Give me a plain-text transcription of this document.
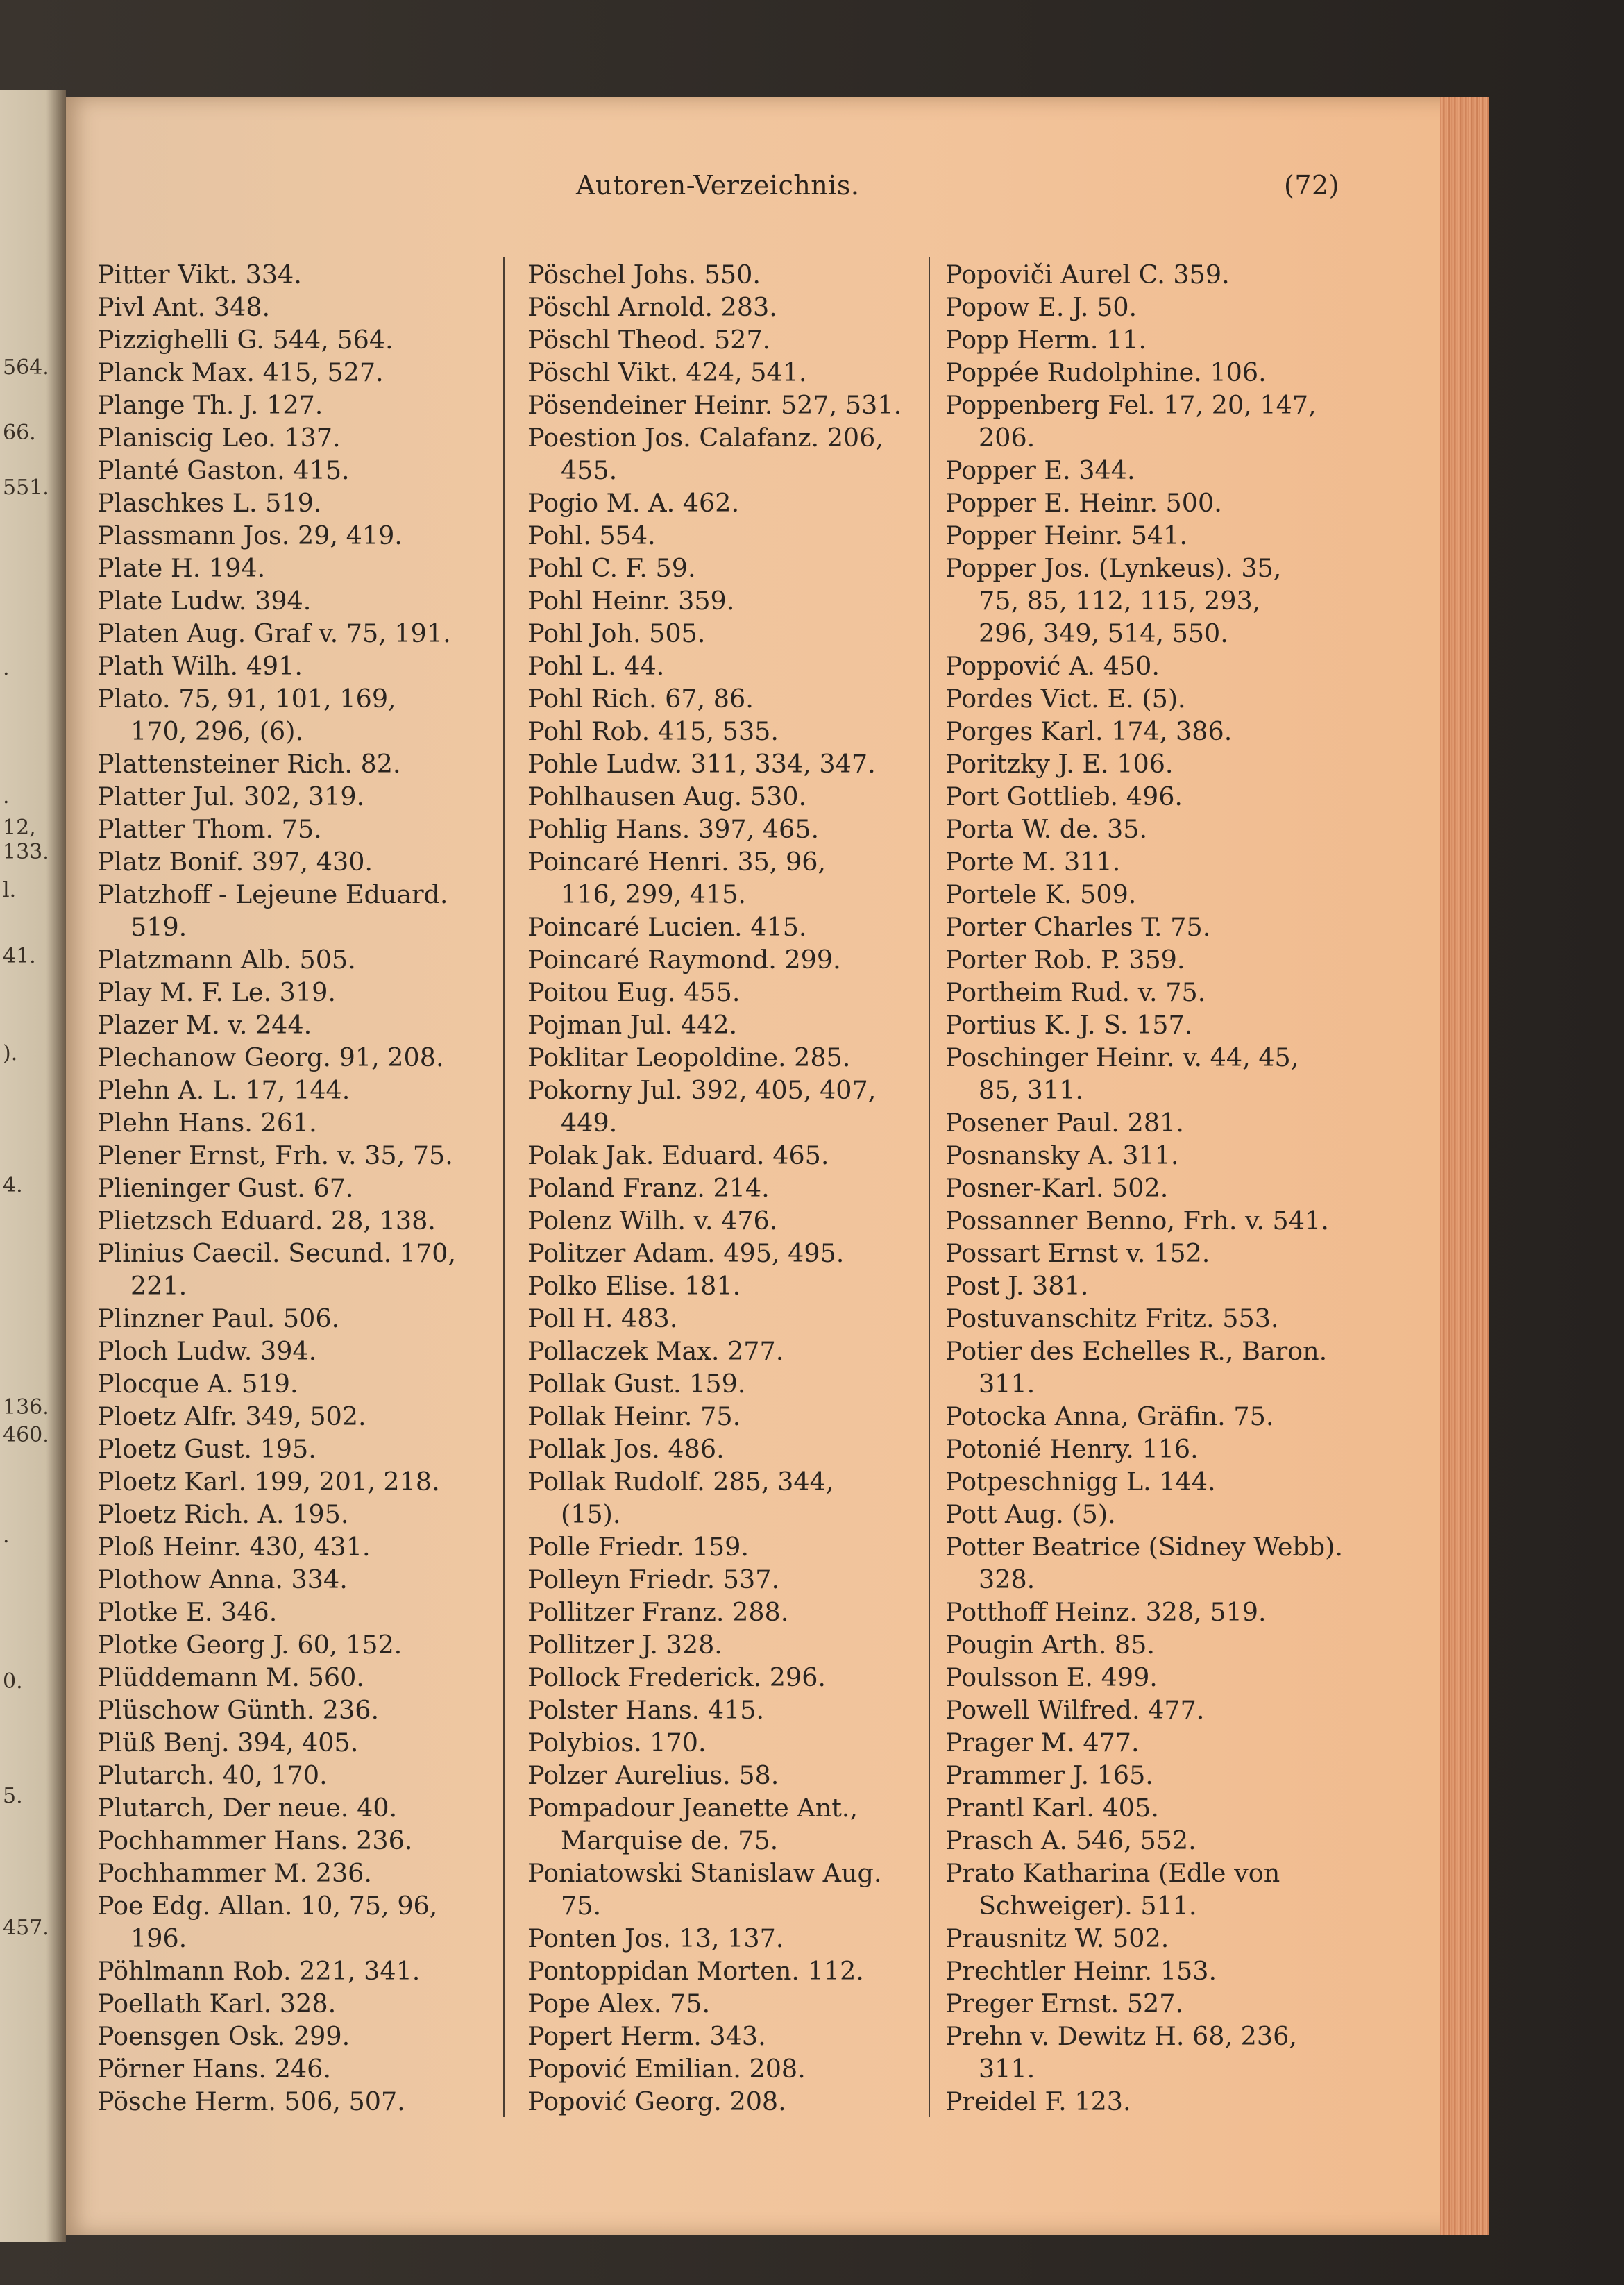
564.
66.
551.
.
.
12, 133.
l.
41.
).
4.
136.
460.
.
0.
5.
457.
Autoren-Verzeichnis.	(72)
Pitter Vikt. 334.
Pivl Ant. 348.
Pizzighelli G. 544, 564.
Planck Max. 415, 527.
Plange Th. J. 127.
Planiscig Leo. 137.
Planté Gaston. 415.
Plaschkes L. 519.
Plassmann Jos. 29, 419.
Plate H. 194.
Plate Ludw. 394.
Platen Aug. Graf v. 75, 191.
Plath Wilh. 491.
Plato. 75, 91, 101, 169,
170, 296, (6).
Plattensteiner Rich. 82.
Platter Jul. 302, 319.
Platter Thom. 75.
Platz Bonif. 397, 430.
Platzhoff - Lejeune Eduard.
519.
Platzmann Alb. 505.
Play M. F. Le. 319.
Plazer M. v. 244.
Plechanow Georg. 91, 208.
Plehn A. L. 17, 144.
Plehn Hans. 261.
Plener Ernst, Frh. v. 35, 75.
Plieninger Gust. 67.
Plietzsch Eduard. 28, 138.
Plinius Caecil. Secund. 170,
221.
Plinzner Paul. 506.
Ploch Ludw. 394.
Plocque A. 519.
Ploetz Alfr. 349, 502.
Ploetz Gust. 195.
Ploetz Karl. 199, 201, 218.
Ploetz Rich. A. 195.
Ploß Heinr. 430, 431.
Plothow Anna. 334.
Plotke E. 346.
Plotke Georg J. 60, 152.
Plüddemann M. 560.
Plüschow Günth. 236.
Plüß Benj. 394, 405.
Plutarch. 40, 170.
Plutarch, Der neue. 40.
Pochhammer Hans. 236.
Pochhammer M. 236.
Poe Edg. Allan. 10, 75, 96,
196.
Pöhlmann Rob. 221, 341.
Poellath Karl. 328.
Poensgen Osk. 299.
Pörner Hans. 246.
Pösche Herm. 506, 507.
Pöschel Johs. 550.
Pöschl Arnold. 283.
Pöschl Theod. 527.
Pöschl Vikt. 424, 541.
Pösendeiner Heinr. 527, 531.
Poestion Jos. Calafanz. 206,
455.
Pogio M. A. 462.
Pohl. 554.
Pohl C. F. 59.
Pohl Heinr. 359.
Pohl Joh. 505.
Pohl L. 44.
Pohl Rich. 67, 86.
Pohl Rob. 415, 535.
Pohle Ludw. 311, 334, 347.
Pohlhausen Aug. 530.
Pohlig Hans. 397, 465.
Poincaré Henri. 35, 96,
116, 299, 415.
Poincaré Lucien. 415.
Poincaré Raymond. 299.
Poitou Eug. 455.
Pojman Jul. 442.
Poklitar Leopoldine. 285.
Pokorny Jul. 392, 405, 407,
449.
Polak Jak. Eduard. 465.
Poland Franz. 214.
Polenz Wilh. v. 476.
Politzer Adam. 495, 495.
Polko Elise. 181.
Poll H. 483.
Pollaczek Max. 277.
Pollak Gust. 159.
Pollak Heinr. 75.
Pollak Jos. 486.
Pollak Rudolf. 285, 344,
(15).
Polle Friedr. 159.
Polleyn Friedr. 537.
Pollitzer Franz. 288.
Pollitzer J. 328.
Pollock Frederick. 296.
Polster Hans. 415.
Polybios. 170.
Polzer Aurelius. 58.
Pompadour Jeanette Ant.,
Marquise de. 75.
Poniatowski Stanislaw Aug.
75.
Ponten Jos. 13, 137.
Pontoppidan Morten. 112.
Pope Alex. 75.
Popert Herm. 343.
Popović Emilian. 208.
Popović Georg. 208.
Popoviči Aurel C. 359.
Popow E. J. 50.
Popp Herm. 11.
Poppée Rudolphine. 106.
Poppenberg Fel. 17, 20, 147,
206.
Popper E. 344.
Popper E. Heinr. 500.
Popper Heinr. 541.
Popper Jos. (Lynkeus). 35,
75, 85, 112, 115, 293,
296, 349, 514, 550.
Poppović A. 450.
Pordes Vict. E. (5).
Porges Karl. 174, 386.
Poritzky J. E. 106.
Port Gottlieb. 496.
Porta W. de. 35.
Porte M. 311.
Portele K. 509.
Porter Charles T. 75.
Porter Rob. P. 359.
Portheim Rud. v. 75.
Portius K. J. S. 157.
Poschinger Heinr. v. 44, 45,
85, 311.
Posener Paul. 281.
Posnansky A. 311.
Posner-Karl. 502.
Possanner Benno, Frh. v. 541.
Possart Ernst v. 152.
Post J. 381.
Postuvanschitz Fritz. 553.
Potier des Echelles R., Baron.
311.
Potocka Anna, Gräfin. 75.
Potonié Henry. 116.
Potpeschnigg L. 144.
Pott Aug. (5).
Potter Beatrice (Sidney Webb).
328.
Potthoff Heinz. 328, 519.
Pougin Arth. 85.
Poulsson E. 499.
Powell Wilfred. 477.
Prager M. 477.
Prammer J. 165.
Prantl Karl. 405.
Prasch A. 546, 552.
Prato Katharina (Edle von
Schweiger). 511.
Prausnitz W. 502.
Prechtler Heinr. 153.
Preger Ernst. 527.
Prehn v. Dewitz H. 68, 236,
311.
Preidel F. 123.
